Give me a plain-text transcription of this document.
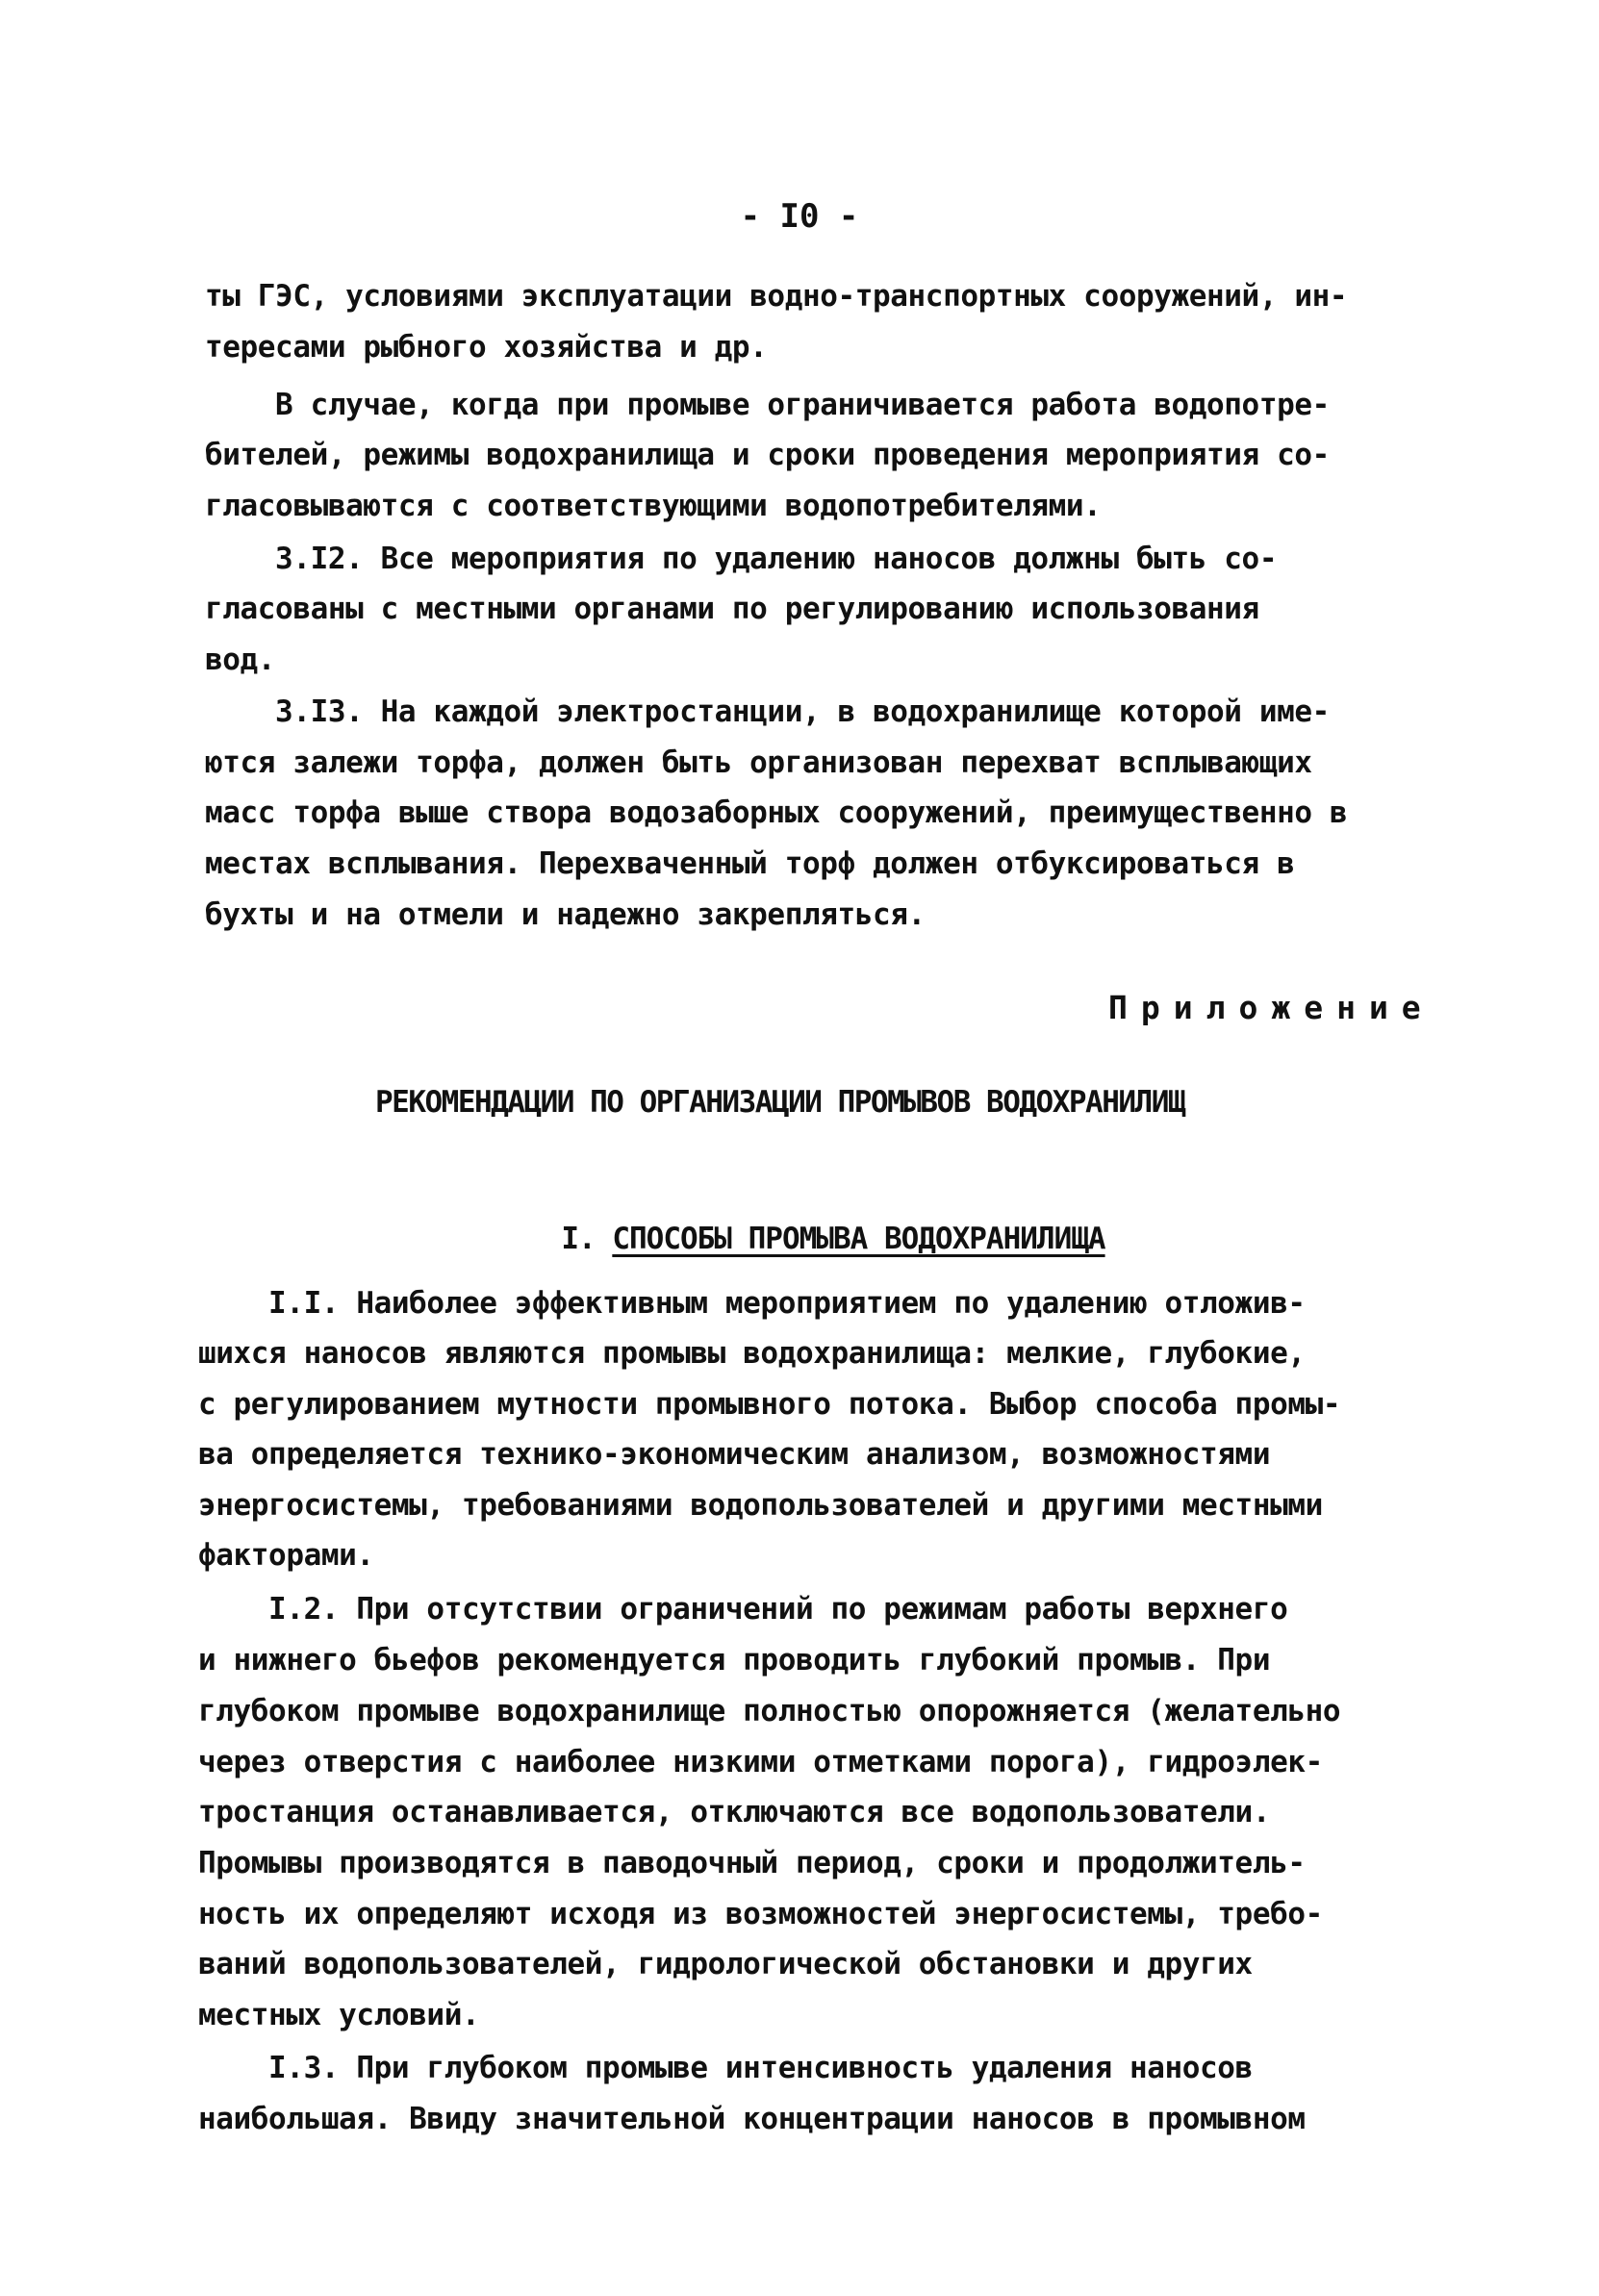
- I0 -
ты ГЭС, условиями эксплуатации водно-транспортных сооружений, ин-
тересами рыбного хозяйства и др.
В случае, когда при промыве ограничивается работа водопотре-
бителей, режимы водохранилища и сроки проведения мероприятия со-
гласовываются с соответствующими водопотребителями.
3.I2. Все мероприятия по удалению наносов должны быть со-
гласованы с местными органами по регулированию использования
вод.
3.I3. На каждой электростанции, в водохранилище которой име-
ются залежи торфа, должен быть организован перехват всплывающих
масс торфа выше створа водозаборных сооружений, преимущественно в
местах всплывания. Перехваченный торф должен отбуксироваться в
бухты и на отмели и надежно закрепляться.
Приложение
РЕКОМЕНДАЦИИ ПО ОРГАНИЗАЦИИ ПРОМЫВОВ ВОДОХРАНИЛИЩ

I. СПОСОБЫ ПРОМЫВА ВОДОХРАНИЛИЩА

I.I. Наиболее эффективным мероприятием по удалению отложив-
шихся наносов являются промывы водохранилища: мелкие, глубокие,
с регулированием мутности промывного потока. Выбор способа промы-
ва определяется технико-экономическим анализом, возможностями
энергосистемы, требованиями водопользователей и другими местными
факторами.
I.2. При отсутствии ограничений по режимам работы верхнего
и нижнего бьефов рекомендуется проводить глубокий промыв. При
глубоком промыве водохранилище полностью опорожняется (желательно
через отверстия с наиболее низкими отметками порога), гидроэлек-
тростанция останавливается, отключаются все водопользователи.
Промывы производятся в паводочный период, сроки и продолжитель-
ность их определяют исходя из возможностей энергосистемы, требо-
ваний водопользователей, гидрологической обстановки и других
местных условий.
I.3. При глубоком промыве интенсивность удаления наносов
наибольшая. Ввиду значительной концентрации наносов в промывном
